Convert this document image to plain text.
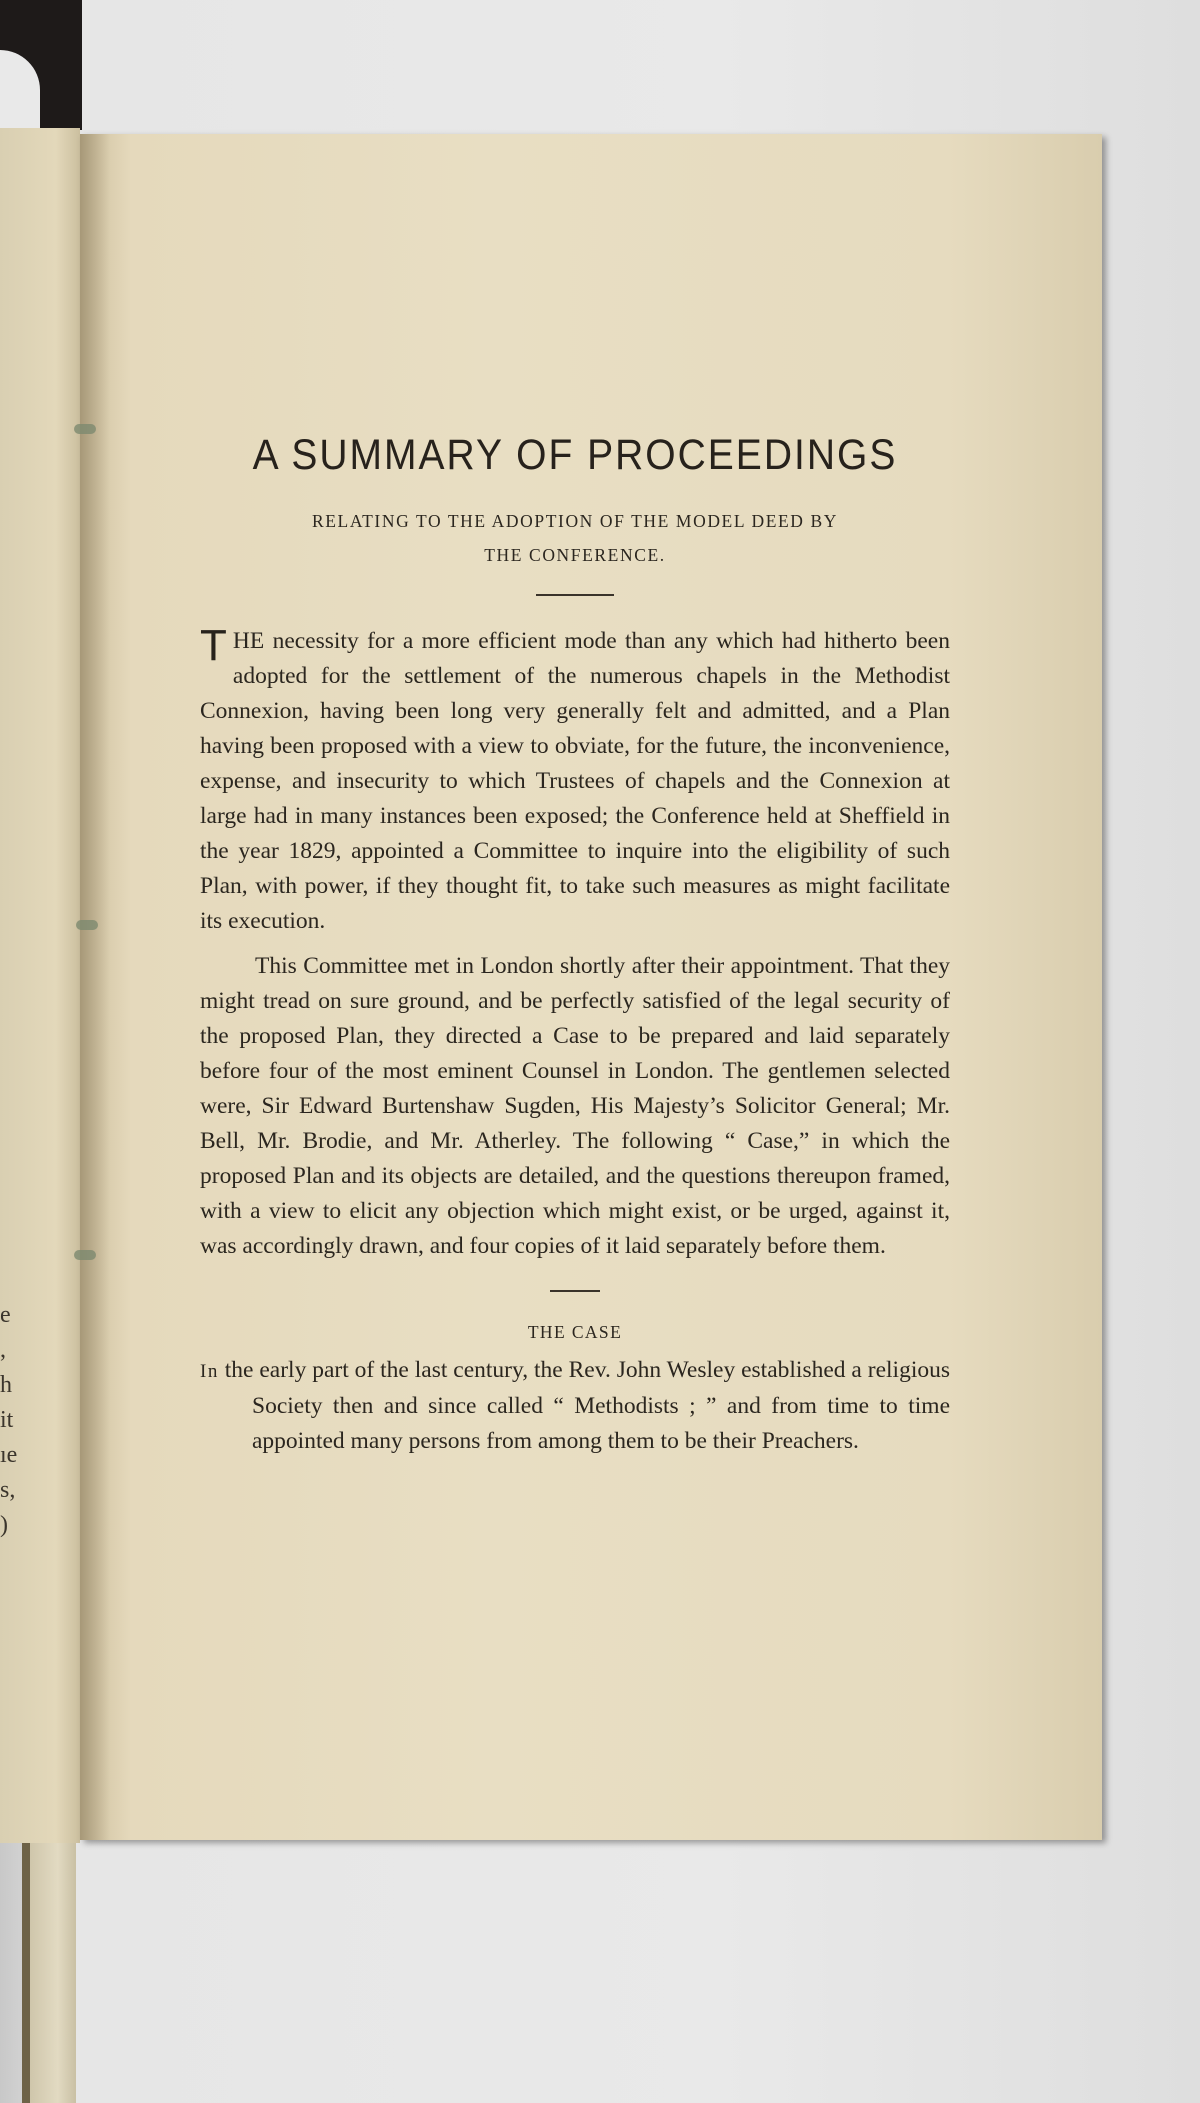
e
,
h
it
ıe
s,
)
A SUMMARY OF PROCEEDINGS
RELATING TO THE ADOPTION OF THE MODEL DEED BY
THE CONFERENCE.

THE necessity for a more efficient mode than any which had hitherto been adopted for the settlement of the numerous chapels in the Methodist Connexion, having been long very generally felt and admitted, and a Plan having been proposed with a view to obviate, for the future, the inconvenience, expense, and insecurity to which Trustees of chapels and the Connexion at large had in many instances been exposed; the Conference held at Sheffield in the year 1829, appointed a Committee to inquire into the eligibility of such Plan, with power, if they thought fit, to take such measures as might facilitate its execution.

This Committee met in London shortly after their appointment. That they might tread on sure ground, and be perfectly satisfied of the legal security of the proposed Plan, they directed a Case to be prepared and laid separately before four of the most eminent Counsel in London. The gentlemen selected were, Sir Edward Burtenshaw Sugden, His Majesty’s Solicitor General; Mr. Bell, Mr. Brodie, and Mr. Atherley. The following “ Case,” in which the proposed Plan and its objects are detailed, and the questions thereupon framed, with a view to elicit any objection which might exist, or be urged, against it, was accordingly drawn, and four copies of it laid separately before them.

THE CASE

In the early part of the last century, the Rev. John Wesley established a religious Society then and since called “ Methodists ; ” and from time to time appointed many persons from among them to be their Preachers.
